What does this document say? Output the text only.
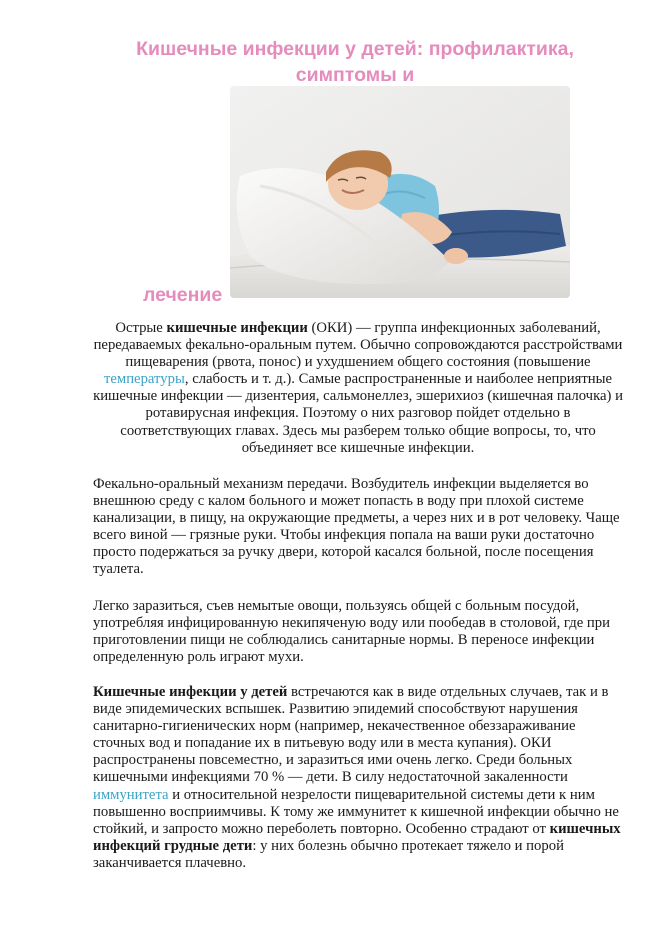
Кишечные инфекции у детей: профилактика,
симптомы и
лечение
Острые кишечные инфекции (ОКИ) — группа инфекционных заболеваний, передаваемых фекально-оральным путем. Обычно сопровождаются расстройствами пищеварения (рвота, понос) и ухудшением общего состояния (повышение температуры, слабость и т. д.). Самые распространенные и наиболее неприятные кишечные инфекции — дизентерия, сальмонеллез, эшерихиоз (кишечная палочка) и ротавирусная инфекция. Поэтому о них разговор пойдет отдельно в соответствующих главах. Здесь мы разберем только общие вопросы, то, что объединяет все кишечные инфекции.
Фекально-оральный механизм передачи. Возбудитель инфекции выделяется во внешнюю среду с калом больного и может попасть в воду при плохой системе канализации, в пищу, на окружающие предметы, а через них и в рот человеку. Чаще всего виной — грязные руки. Чтобы инфекция попала на ваши руки достаточно просто подержаться за ручку двери, которой касался больной, после посещения туалета.
Легко заразиться, съев немытые овощи, пользуясь общей с больным посудой, употребляя инфицированную некипяченую воду или пообедав в столовой, где при приготовлении пищи не соблюдались санитарные нормы. В переносе инфекции определенную роль играют мухи.
Кишечные инфекции у детей встречаются как в виде отдельных случаев, так и в виде эпидемических вспышек. Развитию эпидемий способствуют нарушения санитарно-гигиенических норм (например, некачественное обеззараживание сточных вод и попадание их в питьевую воду или в места купания). ОКИ распространены повсеместно, и заразиться ими очень легко. Среди больных кишечными инфекциями 70 % — дети. В силу недостаточной закаленности иммунитета и относительной незрелости пищеварительной системы дети к ним повышенно восприимчивы. К тому же иммунитет к кишечной инфекции обычно не стойкий, и запросто можно переболеть повторно. Особенно страдают от кишечных инфекций грудные дети: у них болезнь обычно протекает тяжело и порой заканчивается плачевно.
